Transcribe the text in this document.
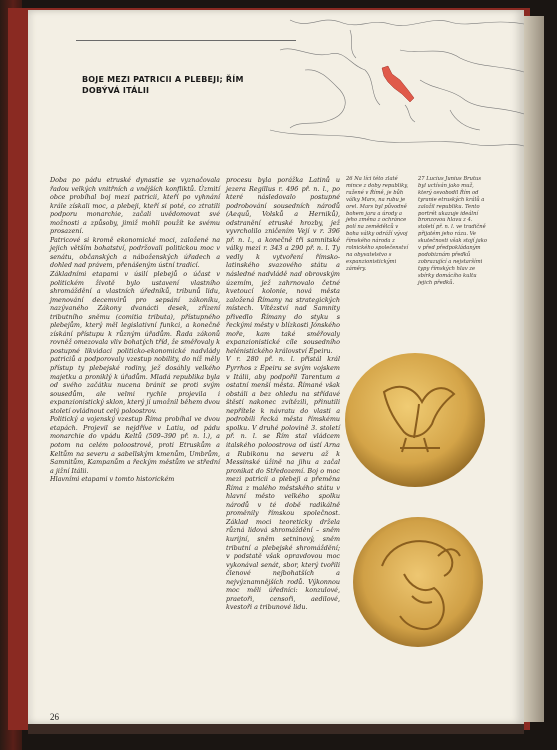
BOJE MEZI PATRICII A PLEBEJI; ŘÍM DOBÝVÁ ITÁLII

Doba po pádu etruské dynastie se vyznačovala řadou velkých vnitřních a vnějších konfliktů. Úzmití obce probíhal boj mezi patricii, kteří po vyhnání krále získali moc, a plebeji, kteří si poté, co ztratili podporu monarchie, začali uvědomovat své možnosti a způsoby, jimiž mohli použít ke svému prosazení.
Patricové si kromě ekonomické moci, založené na jejich větším bohatství, podržovali politickou moc v senátu, občanských a náboženských úřadech a dohled nad právem, přenášeným ústní tradicí.
Základními etapami v úsilí plebejů o účast v politickém životě bylo ustavení vlastního shromáždění a vlastních úředníků, tribunů lidu, jmenování decemvirů pro sepsání zákoníku, nazývaného Zákony dvanácti desek, zřízení tributního sněmu (comitia tributa), přístupného plebejům, který měl legislativní funkci, a konečně získání přístupu k různým úřadům. Řada zákonů rovněž omezovala vliv bohatých tříd, že směřovaly k postupné likvidaci politicko-ekonomické nadvlády patriciů a podporovaly vzestup nobility, do níž měly přístup ty plebejské rodiny, jež dosáhly velkého majetku a proniklý k úřadům. Mladá republika byla od svého začátku nucena bránit se proti svým sousedům, ale velmi rychle projevila i expanzionistický sklon, který jí umožnil během dvou století ovládnout celý poloostrov.
Politický a vojenský vzestup Říma probíhal ve dvou etapách. Projevil se nejdříve v Latiu, od pádu monarchie do vpádu Keltů (509–390 př. n. l.), a potom na celém poloostrově, proti Etruskům a Keltům na severu a sabellským kmenům, Umbrům, Samnitům, Kampanům a řeckým městům ve střední a jižní Itálii.
Hlavními etapami v tomto historickém

procesu byla porážka Latinů u jezera Regillus r. 496 př. n. l., po které následovalo postupné podrobování sousedních národů (Aequů, Volsků a Herniků), odstranění etruské hrozby, jež vyvrcholilo zničením Vejí v r. 396 př. n. l., a konečně tři samnitské války mezi r. 343 a 290 př. n. l. Ty vedly k vytvoření římsko-latinského svazového státu a následné nadvládě nad obrovským územím, jež zahrnovalo četné kvetoucí kolonie, nová města založená Římany na strategických místech. Vítězství nad Samnity přivedlo Římany do styku s řeckými městy v blízkosti Jónského moře, kam také směřovaly expanzionistické cíle sousedního helénistického království Épeiru.
V r. 280 př. n. l. přistál král Pyrrhos z Épeiru se svým vojskem v Itálii, aby podpořil Tarentum a ostatní menší města. Římané však obstáli a bez ohledu na střídavé štěstí nakonec zvítězili, přinutili nepřítele k návratu do vlasti a podrobili řecká města římskému spolku. V druhé polovině 3. století př. n. l. se Řím stal vládcem italského poloostrova od ústí Arna a Rubikonu na severu až k Messinské úžině na jihu a začal pronikat do Středozemí. Boj o moc mezi patricii a plebeji a přeměna Říma z malého městského státu v hlavní město velkého spolku národů v té době radikálně proměnily římskou společnost. Základ moci teoreticky držela různá lidová shromáždění – sněm kurijní, sněm setninový, sněm tributní a plebejské shromáždění; v podstatě však opravdovou moc vykonával senát, sbor, který tvořili členové nejbohatších a nejvýznamnějších rodů. Výkonnou moc měli úředníci: konzulové, praetoři, censoři, aedilové, kvestoři a tribunové lidu.

26 Na líci této zlaté mince z doby republiky, ražené v Římě, je bůh války Mars, na rubu je orel. Mars byl původně bohem jara a úrody a jeho změna z ochránce polí na zemědělců v boha války odráží vývoj římského národa z rolnického společenství na obyvatelstvo s expanzionistickými záměry.
27 Lucius Junius Brutus byl uctíván jako muž, který osvobodil Řím od tyranie etruských králů a založil republiku. Tento portrét ukazuje ideální bronzovou hlavu z 4. století př. n. l. ve tradičně přijatém jeho rázu. Ve skutečnosti však stojí jako v před předpokládaným podobiznám předků zobrazující a nejstaršími typy římských hlav ze sbírky domácího kultu jejich předků.
26
